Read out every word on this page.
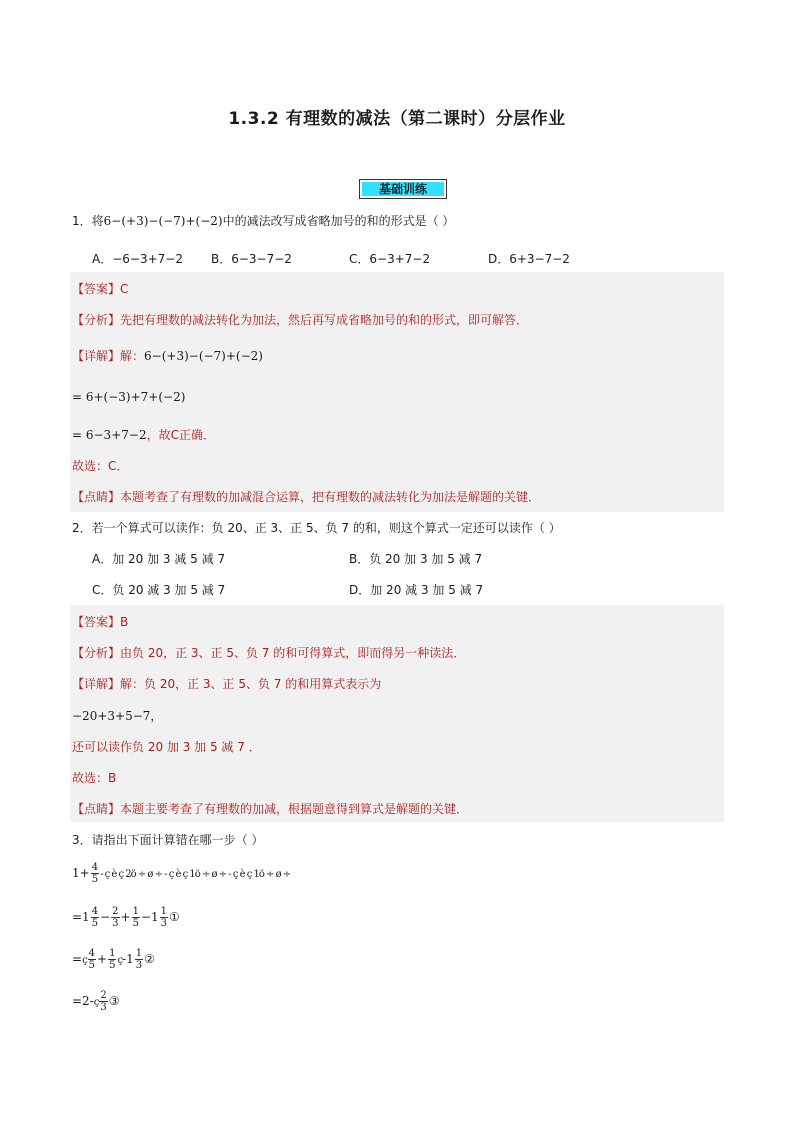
1.3.2 有理数的减法（第二课时）分层作业
基础训练
1．将6−(+3)−(−7)+(−2)中的减法改写成省略加号的和的形式是（ ）
A．−6−3+7−2 B．6−3−7−2	C．6−3+7−2	D．6+3−7−2
【答案】C
【分析】先把有理数的减法转化为加法，然后再写成省略加号的和的形式，即可解答．
【详解】解：6−(+3)−(−7)+(−2)
= 6+(−3)+7+(−2)
= 6−3+7−2，故C正确．
故选：C．
【点睛】本题考查了有理数的加减混合运算，把有理数的减法转化为加法是解题的关键．
2．若一个算式可以读作：负 20、正 3、正 5、负 7 的和，则这个算式一定还可以读作（ ）
A．加 20 加 3 减 5 减 7	B．负 20 加 3 加 5 减 7
C．负 20 减 3 加 5 减 7	D．加 20 减 3 加 5 减 7
【答案】B
【分析】由负 20，正 3、正 5、负 7 的和可得算式，即而得另一种读法．
【详解】解：负 20，正 3、正 5、负 7 的和用算式表示为
−20+3+5−7，
还可以读作负 20 加 3 加 5 减 7 ．
故选：B
【点睛】本题主要考查了有理数的加减，根据题意得到算式是解题的关键．
3．请指出下面计算错在哪一步（ ）
$1+ \frac{4}{5}$ - ç è ç 2ö ÷ ø ÷ - ç è ç 1ö ÷ ø ÷ - ç è ç 1ö ÷ ø ÷
$=1 \frac{4}{5} - \frac{2}{3} + \frac{1}{5} -1 \frac{1}{3}$ ①
=ç $\frac{4}{5} + \frac{1}{5}$ ç-1 $\frac{1}{3}$ ②
=2-ç $\frac{2}{3}$ ③
